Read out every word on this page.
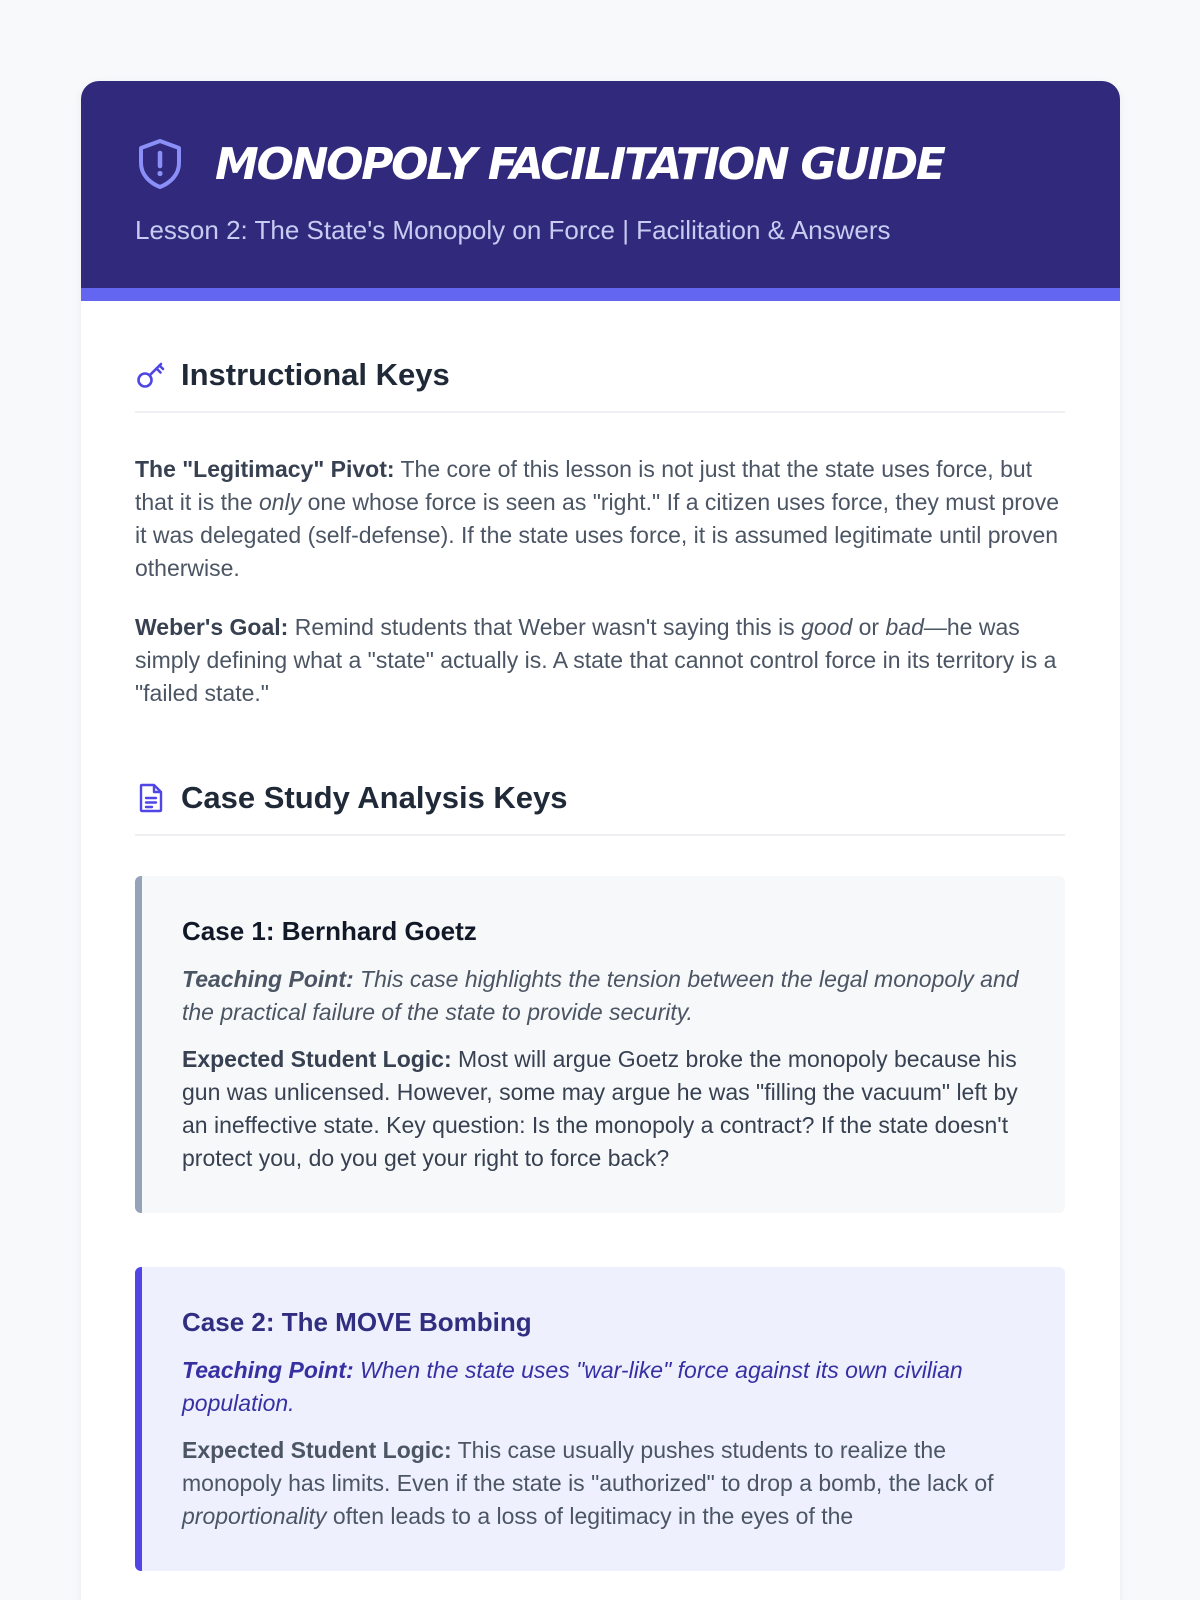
MONOPOLY FACILITATION GUIDE
Lesson 2: The State's Monopoly on Force | Facilitation & Answers
Instructional Keys

The "Legitimacy" Pivot: The core of this lesson is not just that the state uses force, but that it is the only one whose force is seen as "right." If a citizen uses force, they must prove it was delegated (self-defense). If the state uses force, it is assumed legitimate until proven otherwise.

Weber's Goal: Remind students that Weber wasn't saying this is good or bad—he was simply defining what a "state" actually is. A state that cannot control force in its territory is a "failed state."

Case Study Analysis Keys
Case 1: Bernhard Goetz

Teaching Point: This case highlights the tension between the legal monopoly and the practical failure of the state to provide security.

Expected Student Logic: Most will argue Goetz broke the monopoly because his gun was unlicensed. However, some may argue he was "filling the vacuum" left by an ineffective state. Key question: Is the monopoly a contract? If the state doesn't protect you, do you get your right to force back?

Case 2: The MOVE Bombing

Teaching Point: When the state uses "war-like" force against its own civilian population.

Expected Student Logic: This case usually pushes students to realize the monopoly has limits. Even if the state is "authorized" to drop a bomb, the lack of proportionality often leads to a loss of legitimacy in the eyes of the
